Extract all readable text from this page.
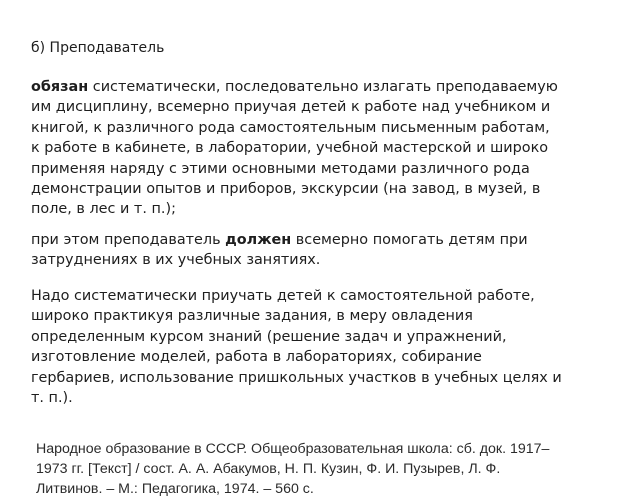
б) Преподаватель
обязан систематически, последовательно излагать преподаваемую
им дисциплину, всемерно приучая детей к работе над учебником и
книгой, к различного рода самостоятельным письменным работам,
к работе в кабинете, в лаборатории, учебной мастерской и широко
применяя наряду с этими основными методами различного рода
демонстрации опытов и приборов, экскурсии (на завод, в музей, в
поле, в лес и т. п.);
при этом преподаватель должен всемерно помогать детям при
затруднениях в их учебных занятиях.
Надо систематически приучать детей к самостоятельной работе,
широко практикуя различные задания, в меру овладения
определенным курсом знаний (решение задач и упражнений,
изготовление моделей, работа в лабораториях, собирание
гербариев, использование пришкольных участков в учебных целях и
т. п.).
Народное образование в СССР. Общеобразовательная школа: сб. док. 1917–
1973 гг. [Текст] / сост. А. А. Абакумов, Н. П. Кузин, Ф. И. Пузырев, Л. Ф.
Литвинов. – М.: Педагогика, 1974. – 560 с.
